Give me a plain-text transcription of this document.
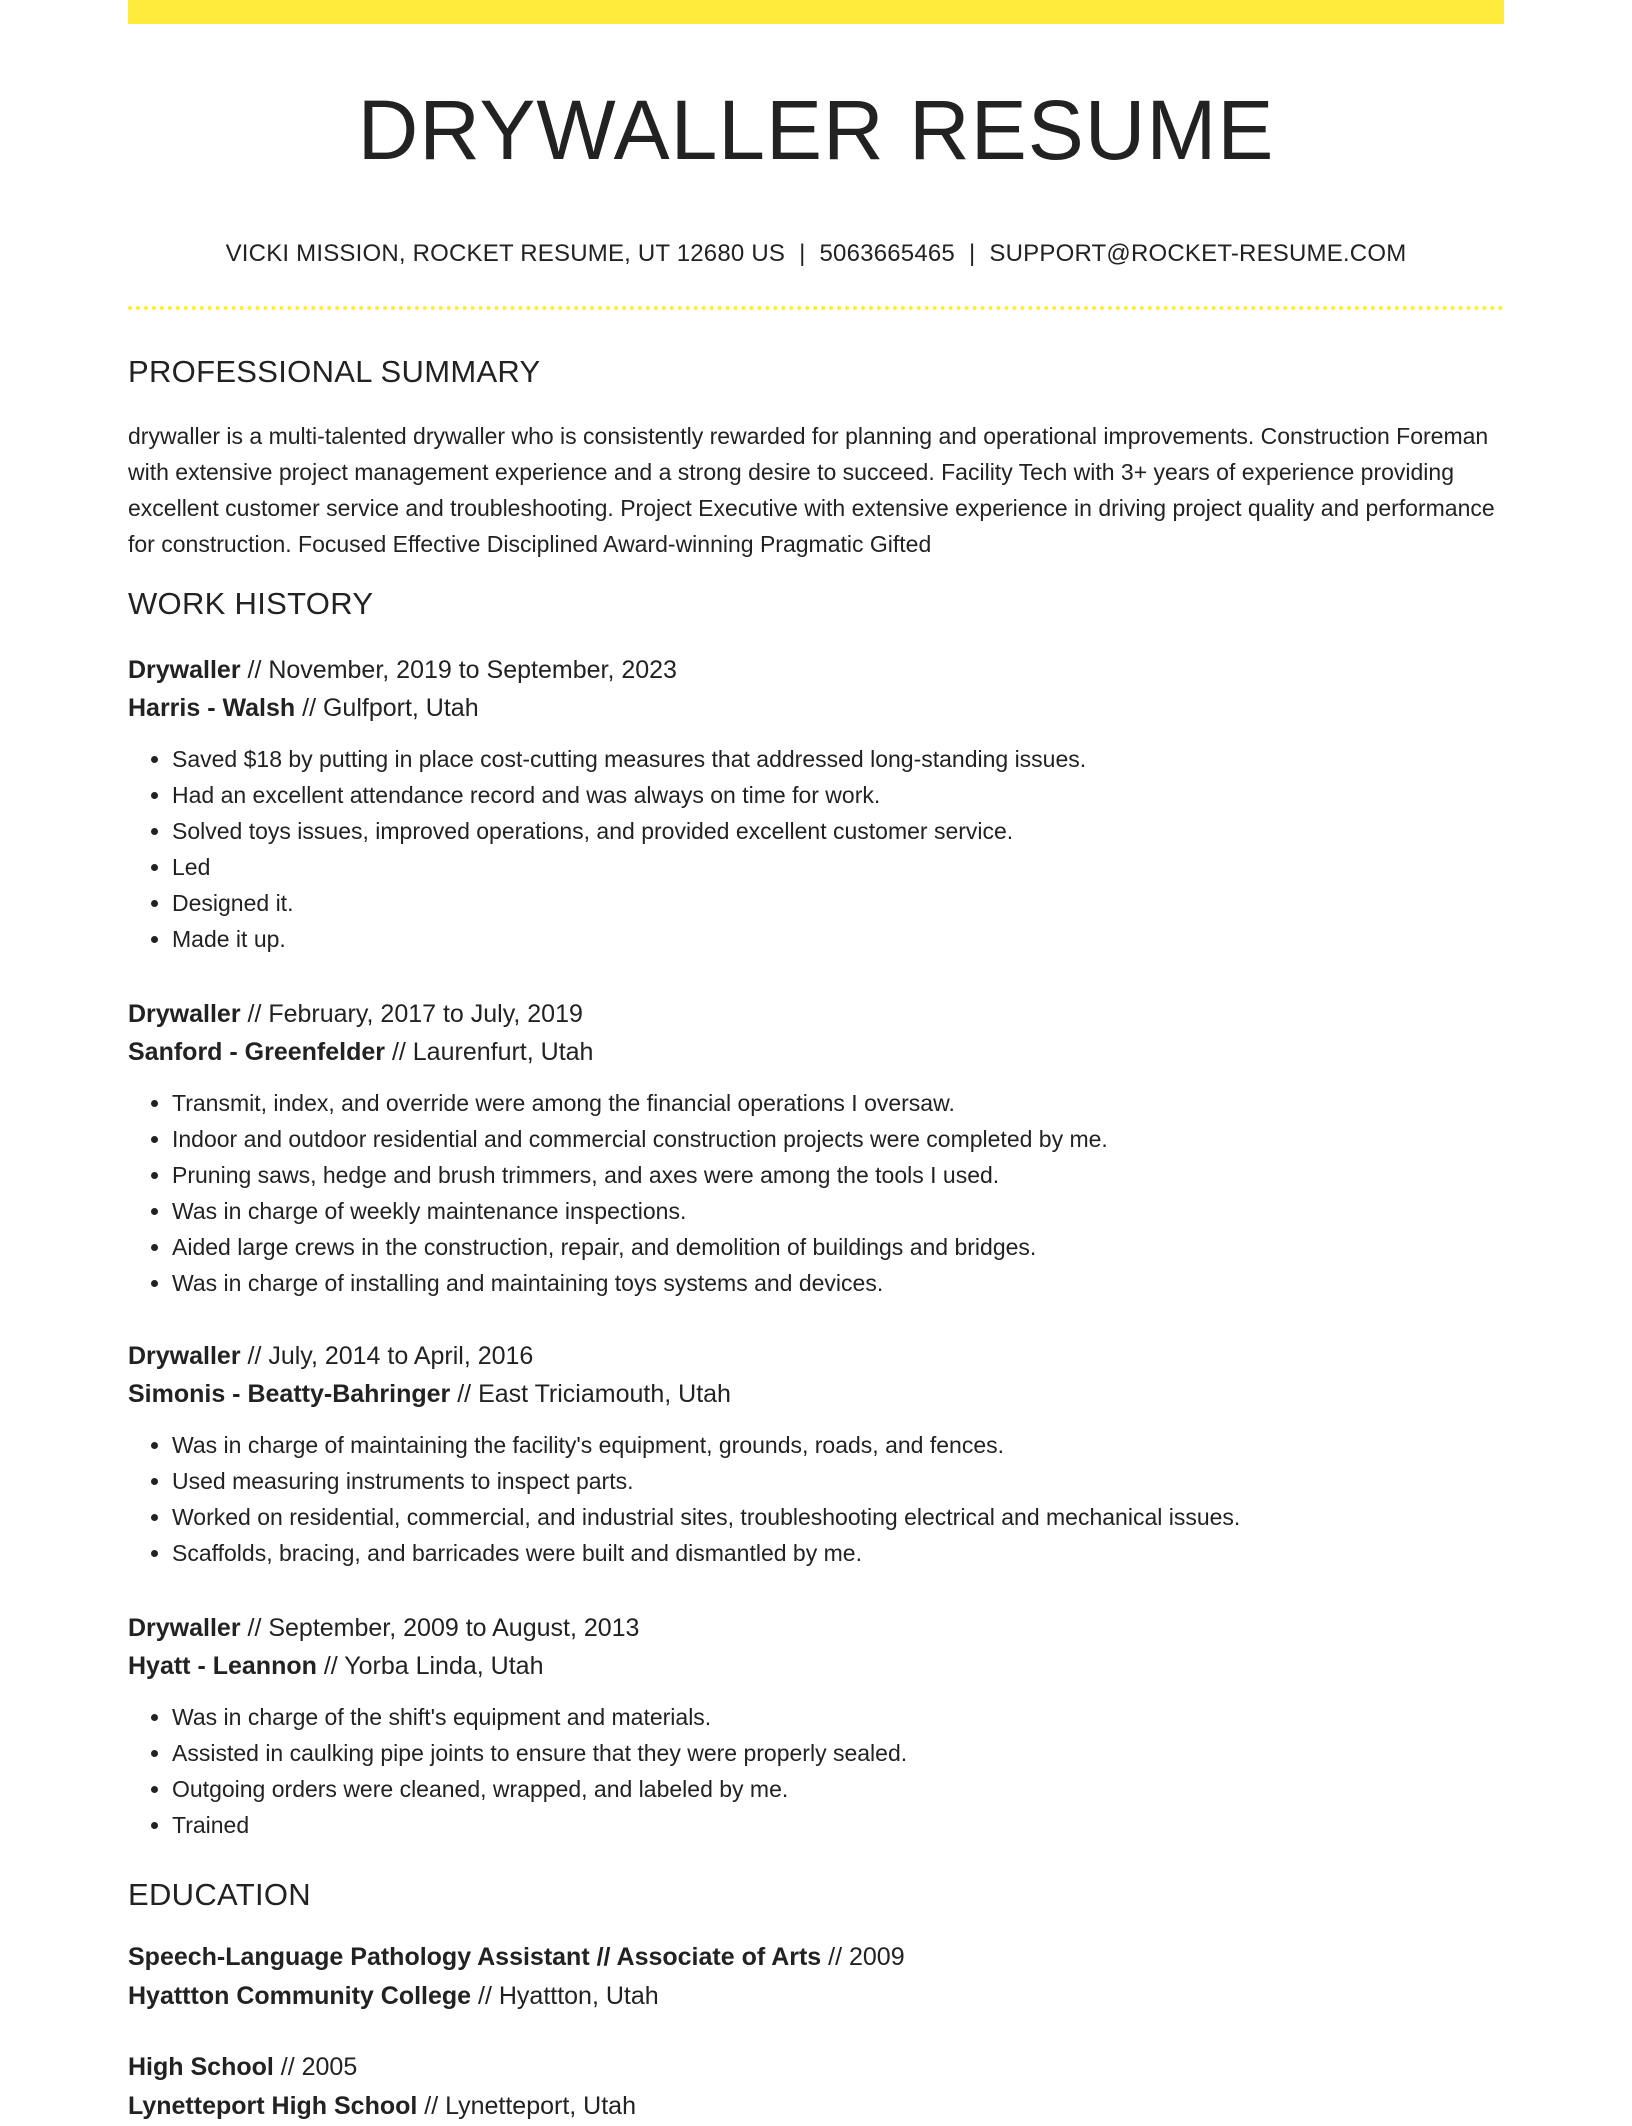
DRYWALLER RESUME
VICKI MISSION, ROCKET RESUME, UT 12680 US | 5063665465 | SUPPORT@ROCKET-RESUME.COM
PROFESSIONAL SUMMARY

drywaller is a multi-talented drywaller who is consistently rewarded for planning and operational improvements. Construction Foreman with extensive project management experience and a strong desire to succeed. Facility Tech with 3+ years of experience providing excellent customer service and troubleshooting. Project Executive with extensive experience in driving project quality and performance for construction. Focused Effective Disciplined Award-winning Pragmatic Gifted

WORK HISTORY

Drywaller // November, 2019 to September, 2023

Harris - Walsh // Gulfport, Utah

• Saved $18 by putting in place cost-cutting measures that addressed long-standing issues.
• Had an excellent attendance record and was always on time for work.
• Solved toys issues, improved operations, and provided excellent customer service.
• Led
• Designed it.
• Made it up.

Drywaller // February, 2017 to July, 2019

Sanford - Greenfelder // Laurenfurt, Utah

• Transmit, index, and override were among the financial operations I oversaw.
• Indoor and outdoor residential and commercial construction projects were completed by me.
• Pruning saws, hedge and brush trimmers, and axes were among the tools I used.
• Was in charge of weekly maintenance inspections.
• Aided large crews in the construction, repair, and demolition of buildings and bridges.
• Was in charge of installing and maintaining toys systems and devices.

Drywaller // July, 2014 to April, 2016

Simonis - Beatty-Bahringer // East Triciamouth, Utah

• Was in charge of maintaining the facility's equipment, grounds, roads, and fences.
• Used measuring instruments to inspect parts.
• Worked on residential, commercial, and industrial sites, troubleshooting electrical and mechanical issues.
• Scaffolds, bracing, and barricades were built and dismantled by me.

Drywaller // September, 2009 to August, 2013

Hyatt - Leannon // Yorba Linda, Utah

• Was in charge of the shift's equipment and materials.
• Assisted in caulking pipe joints to ensure that they were properly sealed.
• Outgoing orders were cleaned, wrapped, and labeled by me.
• Trained
EDUCATION

Speech-Language Pathology Assistant // Associate of Arts // 2009

Hyattton Community College // Hyattton, Utah

High School // 2005

Lynetteport High School // Lynetteport, Utah
